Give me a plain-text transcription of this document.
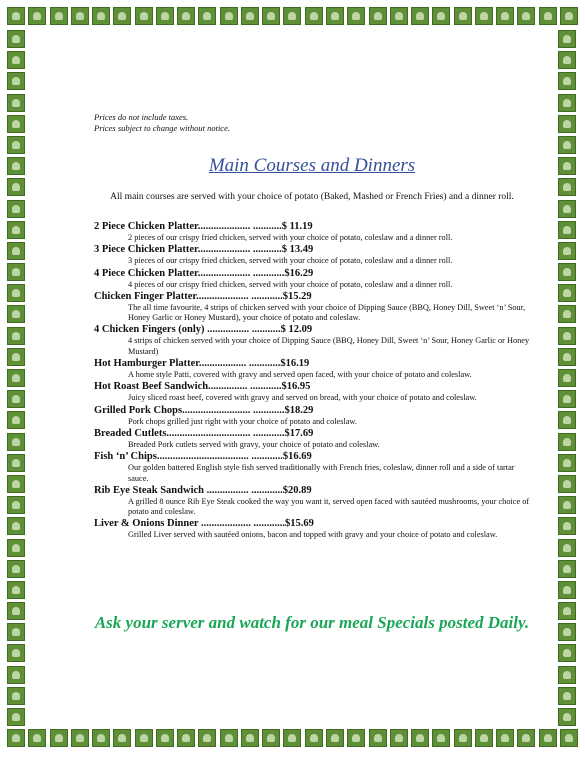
Prices do not include taxes.
Prices subject to change without notice.
Main Courses and Dinners
All main courses are served with your choice of potato (Baked, Mashed or French Fries) and a dinner roll.
2 Piece Chicken Platter.................... ...........$ 11.19
2 pieces of our crispy fried chicken, served with your choice of potato, coleslaw and a dinner roll.
3 Piece Chicken Platter.................... ...........$ 13.49
3 pieces of our crispy fried chicken, served with your choice of potato, coleslaw and a dinner roll.
4 Piece Chicken Platter.................... ............$16.29
4 pieces of our crispy fried chicken, served with your choice of potato, coleslaw and a dinner roll.
Chicken Finger Platter.................... ............$15.29
The all time favourite, 4 strips of chicken served with your choice of Dipping Sauce (BBQ, Honey Dill, Sweet ‘n’ Sour, Honey Garlic or Honey Mustard), your choice of potato and coleslaw.
4 Chicken Fingers (only) ................ ...........$ 12.09
4 strips of chicken served with your choice of Dipping Sauce (BBQ, Honey Dill, Sweet ‘n’ Sour, Honey Garlic or Honey Mustard)
Hot Hamburger Platter.................. ............$16.19
A home style Patti, covered with gravy and served open faced, with your choice of potato and coleslaw.
Hot Roast Beef Sandwich............... ............$16.95
Juicy sliced roast beef, covered with gravy and served on bread, with your choice of potato and coleslaw.
Grilled Pork Chops.......................... ............$18.29
Pork chops grilled just right with your choice of potato and coleslaw.
Breaded Cutlets................................ ............$17.69
Breaded Pork cutlets served with gravy, your choice of potato and coleslaw.
Fish ‘n’ Chips................................... ............$16.69
Our golden battered English style fish served traditionally with French fries, coleslaw, dinner roll and a side of tartar sauce.
Rib Eye Steak Sandwich ................ ............$20.89
A grilled 8 ounce Rib Eye Steak cooked the way you want it, served open faced with sautéed mushrooms, your choice of potato and coleslaw.
Liver & Onions Dinner ................... ............$15.69
Grilled Liver served with sautéed onions, bacon and topped with gravy and your choice of potato and coleslaw.
Ask your server and watch for our meal Specials posted Daily.
